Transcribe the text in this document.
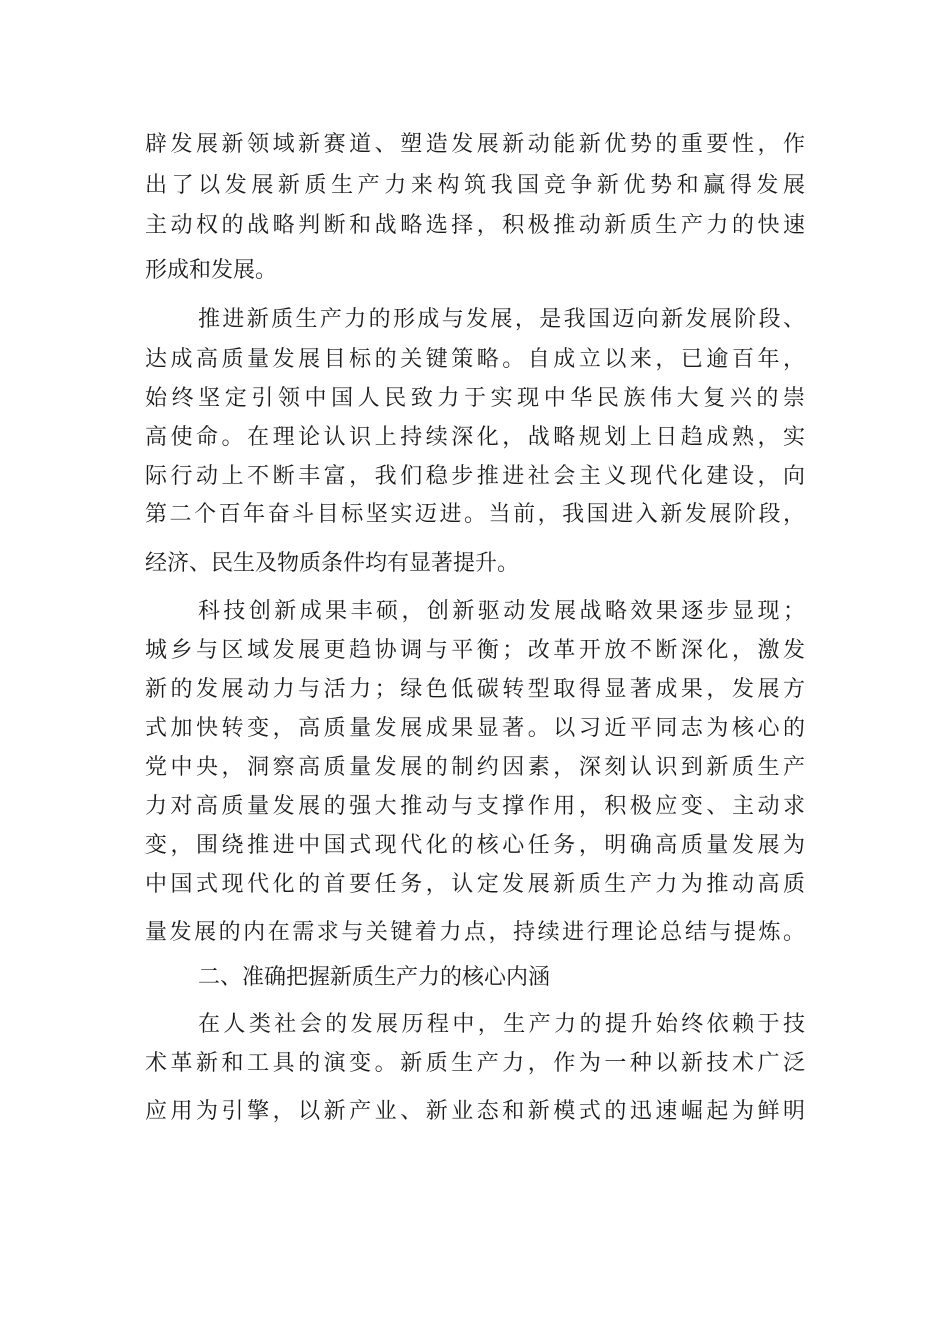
辟发展新领域新赛道、塑造发展新动能新优势的重要性，作
出了以发展新质生产力来构筑我国竞争新优势和赢得发展
主动权的战略判断和战略选择，积极推动新质生产力的快速
形成和发展。
推进新质生产力的形成与发展，是我国迈向新发展阶段、
达成高质量发展目标的关键策略。自成立以来，已逾百年，
始终坚定引领中国人民致力于实现中华民族伟大复兴的崇
高使命。在理论认识上持续深化，战略规划上日趋成熟，实
际行动上不断丰富，我们稳步推进社会主义现代化建设，向
第二个百年奋斗目标坚实迈进。当前，我国进入新发展阶段，
经济、民生及物质条件均有显著提升。
科技创新成果丰硕，创新驱动发展战略效果逐步显现；
城乡与区域发展更趋协调与平衡；改革开放不断深化，激发
新的发展动力与活力；绿色低碳转型取得显著成果，发展方
式加快转变，高质量发展成果显著。以习近平同志为核心的
党中央，洞察高质量发展的制约因素，深刻认识到新质生产
力对高质量发展的强大推动与支撑作用，积极应变、主动求
变，围绕推进中国式现代化的核心任务，明确高质量发展为
中国式现代化的首要任务，认定发展新质生产力为推动高质
量发展的内在需求与关键着力点，持续进行理论总结与提炼。
二、准确把握新质生产力的核心内涵
在人类社会的发展历程中，生产力的提升始终依赖于技
术革新和工具的演变。新质生产力，作为一种以新技术广泛
应用为引擎，以新产业、新业态和新模式的迅速崛起为鲜明
